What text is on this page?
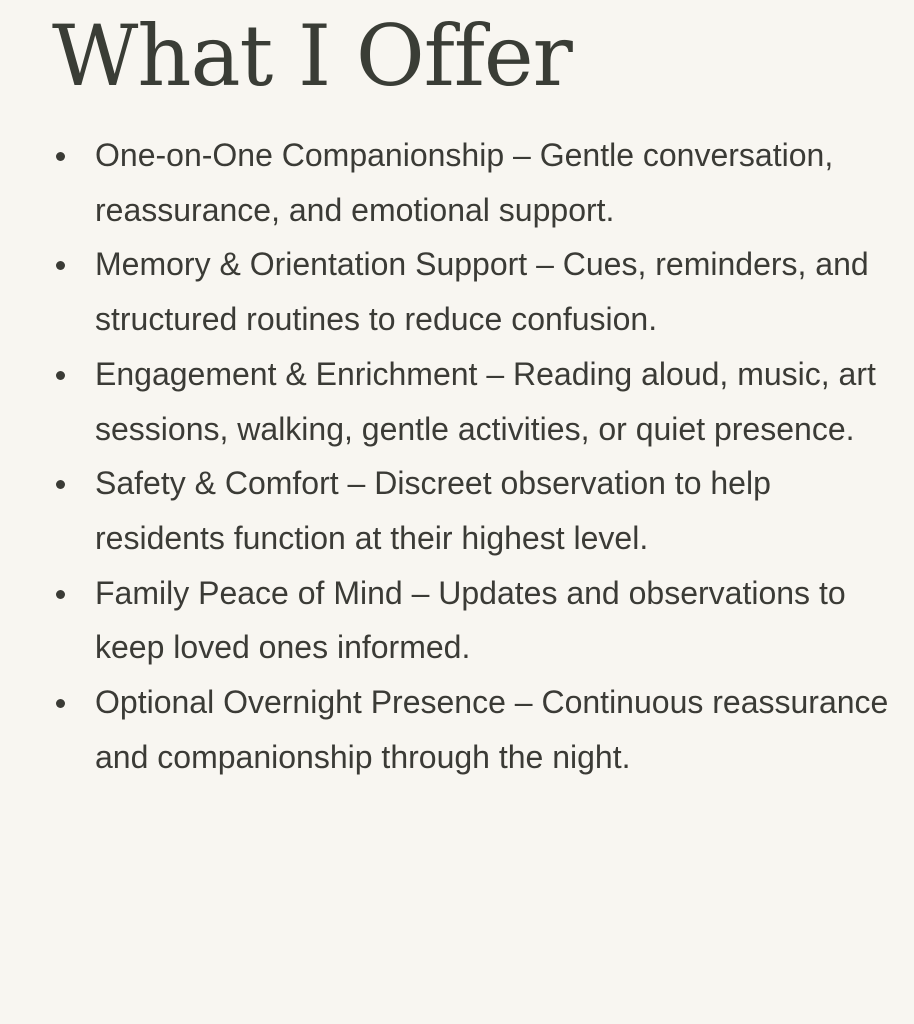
What I Offer
One-on-One Companionship – Gentle conversation, reassurance, and emotional support.
Memory & Orientation Support – Cues, reminders, and structured routines to reduce confusion.
Engagement & Enrichment – Reading aloud, music, art sessions, walking, gentle activities, or quiet presence.
Safety & Comfort – Discreet observation to help residents function at their highest level.
Family Peace of Mind – Updates and observations to keep loved ones informed.
Optional Overnight Presence – Continuous reassurance and companionship through the night.
